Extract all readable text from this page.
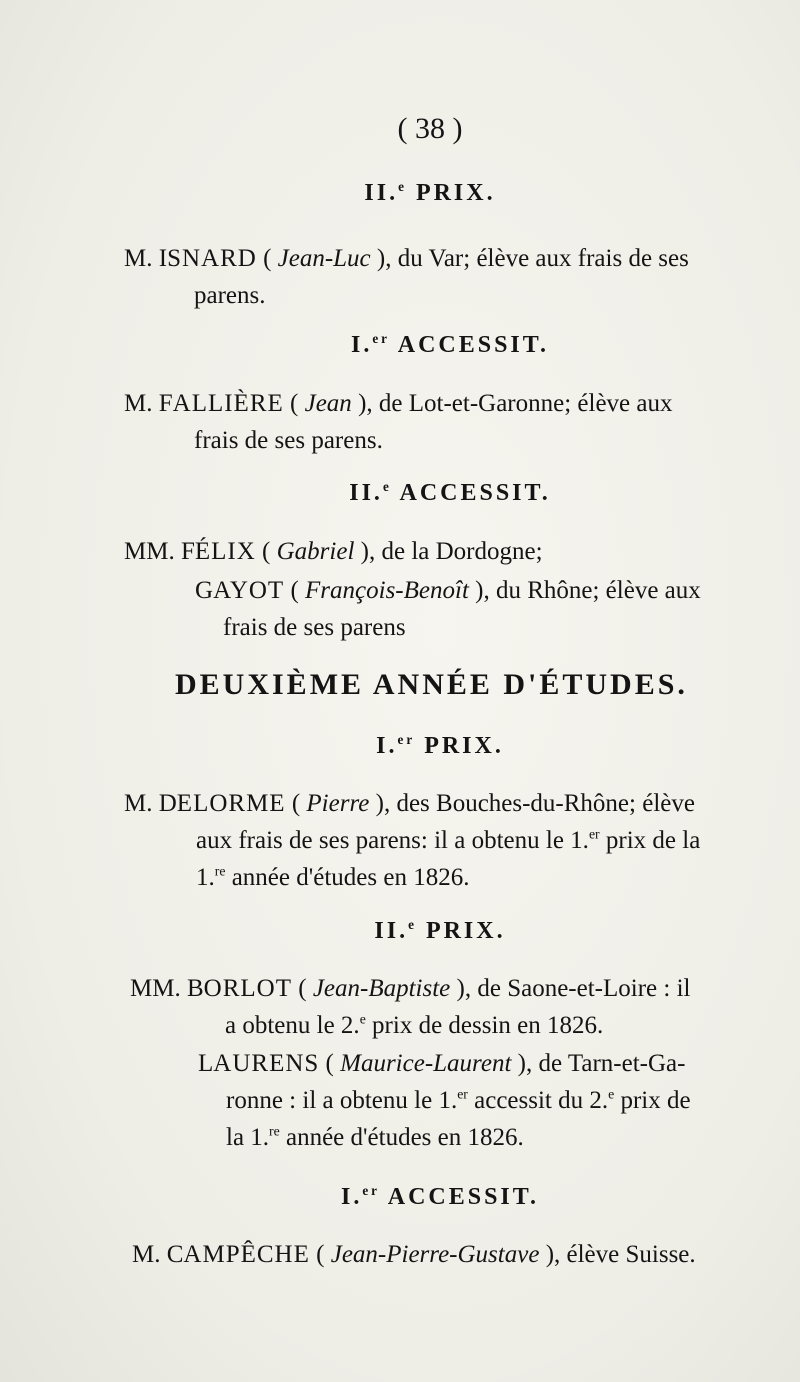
( 38 )
II.$^e$ PRIX.
M. ISNARD ( Jean-Luc ), du Var; élève aux frais de ses
parens.
I.$^{er}$ ACCESSIT.
M. FALLIÈRE ( Jean ), de Lot-et-Garonne; élève aux
frais de ses parens.
II.$^e$ ACCESSIT.
MM. FÉLIX ( Gabriel ), de la Dordogne;
GAYOT ( François-Benoît ), du Rhône; élève aux
frais de ses parens
DEUXIÈME ANNÉE D'ÉTUDES.
I.$^{er}$ PRIX.
M. DELORME ( Pierre ), des Bouches-du-Rhône; élève
aux frais de ses parens: il a obtenu le 1.$^{er}$ prix de la
1.$^{re}$ année d'études en 1826.
II.$^e$ PRIX.
MM. BORLOT ( Jean-Baptiste ), de Saone-et-Loire : il
a obtenu le 2.$^e$ prix de dessin en 1826.
LAURENS ( Maurice-Laurent ), de Tarn-et-Ga-
ronne : il a obtenu le 1.$^{er}$ accessit du 2.$^e$ prix de
la 1.$^{re}$ année d'études en 1826.
I.$^{er}$ ACCESSIT.
M. CAMPÊCHE ( Jean-Pierre-Gustave ), élève Suisse.
